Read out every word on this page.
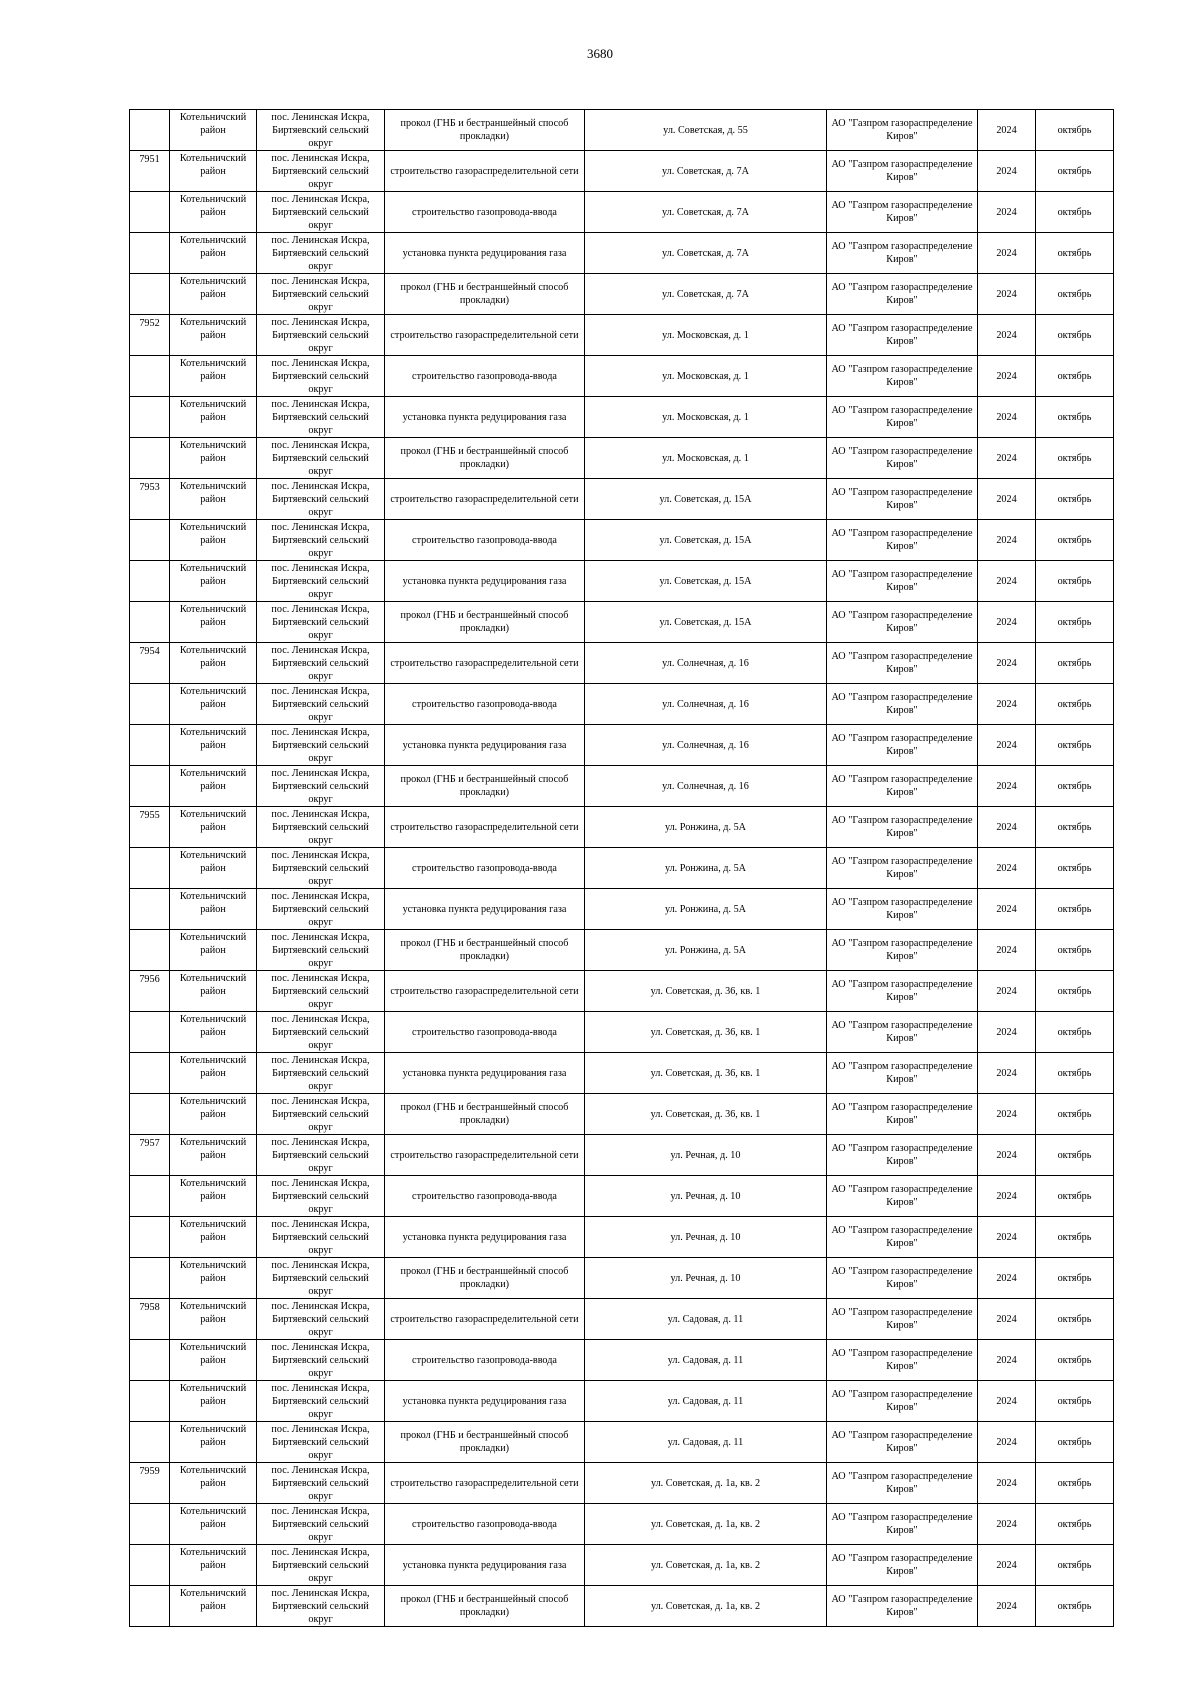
3680

	Котельничский район	пос. Ленинская Искра, Биртяевский сельский округ	прокол (ГНБ и бестраншейный способ прокладки)	ул. Советская, д. 55	АО "Газпром газораспределение Киров"	2024	октябрь

7951	Котельничский район	пос. Ленинская Искра, Биртяевский сельский округ	строительство газораспределительной сети	ул. Советская, д. 7А	АО "Газпром газораспределение Киров"	2024	октябрь

	Котельничский район	пос. Ленинская Искра, Биртяевский сельский округ	строительство газопровода-ввода	ул. Советская, д. 7А	АО "Газпром газораспределение Киров"	2024	октябрь

	Котельничский район	пос. Ленинская Искра, Биртяевский сельский округ	установка пункта редуцирования газа	ул. Советская, д. 7А	АО "Газпром газораспределение Киров"	2024	октябрь

	Котельничский район	пос. Ленинская Искра, Биртяевский сельский округ	прокол (ГНБ и бестраншейный способ прокладки)	ул. Советская, д. 7А	АО "Газпром газораспределение Киров"	2024	октябрь

7952	Котельничский район	пос. Ленинская Искра, Биртяевский сельский округ	строительство газораспределительной сети	ул. Московская, д. 1	АО "Газпром газораспределение Киров"	2024	октябрь

	Котельничский район	пос. Ленинская Искра, Биртяевский сельский округ	строительство газопровода-ввода	ул. Московская, д. 1	АО "Газпром газораспределение Киров"	2024	октябрь

	Котельничский район	пос. Ленинская Искра, Биртяевский сельский округ	установка пункта редуцирования газа	ул. Московская, д. 1	АО "Газпром газораспределение Киров"	2024	октябрь

	Котельничский район	пос. Ленинская Искра, Биртяевский сельский округ	прокол (ГНБ и бестраншейный способ прокладки)	ул. Московская, д. 1	АО "Газпром газораспределение Киров"	2024	октябрь

7953	Котельничский район	пос. Ленинская Искра, Биртяевский сельский округ	строительство газораспределительной сети	ул. Советская, д. 15А	АО "Газпром газораспределение Киров"	2024	октябрь

	Котельничский район	пос. Ленинская Искра, Биртяевский сельский округ	строительство газопровода-ввода	ул. Советская, д. 15А	АО "Газпром газораспределение Киров"	2024	октябрь

	Котельничский район	пос. Ленинская Искра, Биртяевский сельский округ	установка пункта редуцирования газа	ул. Советская, д. 15А	АО "Газпром газораспределение Киров"	2024	октябрь

	Котельничский район	пос. Ленинская Искра, Биртяевский сельский округ	прокол (ГНБ и бестраншейный способ прокладки)	ул. Советская, д. 15А	АО "Газпром газораспределение Киров"	2024	октябрь

7954	Котельничский район	пос. Ленинская Искра, Биртяевский сельский округ	строительство газораспределительной сети	ул. Солнечная, д. 16	АО "Газпром газораспределение Киров"	2024	октябрь

	Котельничский район	пос. Ленинская Искра, Биртяевский сельский округ	строительство газопровода-ввода	ул. Солнечная, д. 16	АО "Газпром газораспределение Киров"	2024	октябрь

	Котельничский район	пос. Ленинская Искра, Биртяевский сельский округ	установка пункта редуцирования газа	ул. Солнечная, д. 16	АО "Газпром газораспределение Киров"	2024	октябрь

	Котельничский район	пос. Ленинская Искра, Биртяевский сельский округ	прокол (ГНБ и бестраншейный способ прокладки)	ул. Солнечная, д. 16	АО "Газпром газораспределение Киров"	2024	октябрь

7955	Котельничский район	пос. Ленинская Искра, Биртяевский сельский округ	строительство газораспределительной сети	ул. Ронжина, д. 5А	АО "Газпром газораспределение Киров"	2024	октябрь

	Котельничский район	пос. Ленинская Искра, Биртяевский сельский округ	строительство газопровода-ввода	ул. Ронжина, д. 5А	АО "Газпром газораспределение Киров"	2024	октябрь

	Котельничский район	пос. Ленинская Искра, Биртяевский сельский округ	установка пункта редуцирования газа	ул. Ронжина, д. 5А	АО "Газпром газораспределение Киров"	2024	октябрь

	Котельничский район	пос. Ленинская Искра, Биртяевский сельский округ	прокол (ГНБ и бестраншейный способ прокладки)	ул. Ронжина, д. 5А	АО "Газпром газораспределение Киров"	2024	октябрь

7956	Котельничский район	пос. Ленинская Искра, Биртяевский сельский округ	строительство газораспределительной сети	ул. Советская, д. 36, кв. 1	АО "Газпром газораспределение Киров"	2024	октябрь

	Котельничский район	пос. Ленинская Искра, Биртяевский сельский округ	строительство газопровода-ввода	ул. Советская, д. 36, кв. 1	АО "Газпром газораспределение Киров"	2024	октябрь

	Котельничский район	пос. Ленинская Искра, Биртяевский сельский округ	установка пункта редуцирования газа	ул. Советская, д. 36, кв. 1	АО "Газпром газораспределение Киров"	2024	октябрь

	Котельничский район	пос. Ленинская Искра, Биртяевский сельский округ	прокол (ГНБ и бестраншейный способ прокладки)	ул. Советская, д. 36, кв. 1	АО "Газпром газораспределение Киров"	2024	октябрь

7957	Котельничский район	пос. Ленинская Искра, Биртяевский сельский округ	строительство газораспределительной сети	ул. Речная, д. 10	АО "Газпром газораспределение Киров"	2024	октябрь

	Котельничский район	пос. Ленинская Искра, Биртяевский сельский округ	строительство газопровода-ввода	ул. Речная, д. 10	АО "Газпром газораспределение Киров"	2024	октябрь

	Котельничский район	пос. Ленинская Искра, Биртяевский сельский округ	установка пункта редуцирования газа	ул. Речная, д. 10	АО "Газпром газораспределение Киров"	2024	октябрь

	Котельничский район	пос. Ленинская Искра, Биртяевский сельский округ	прокол (ГНБ и бестраншейный способ прокладки)	ул. Речная, д. 10	АО "Газпром газораспределение Киров"	2024	октябрь

7958	Котельничский район	пос. Ленинская Искра, Биртяевский сельский округ	строительство газораспределительной сети	ул. Садовая, д. 11	АО "Газпром газораспределение Киров"	2024	октябрь

	Котельничский район	пос. Ленинская Искра, Биртяевский сельский округ	строительство газопровода-ввода	ул. Садовая, д. 11	АО "Газпром газораспределение Киров"	2024	октябрь

	Котельничский район	пос. Ленинская Искра, Биртяевский сельский округ	установка пункта редуцирования газа	ул. Садовая, д. 11	АО "Газпром газораспределение Киров"	2024	октябрь

	Котельничский район	пос. Ленинская Искра, Биртяевский сельский округ	прокол (ГНБ и бестраншейный способ прокладки)	ул. Садовая, д. 11	АО "Газпром газораспределение Киров"	2024	октябрь

7959	Котельничский район	пос. Ленинская Искра, Биртяевский сельский округ	строительство газораспределительной сети	ул. Советская, д. 1а, кв. 2	АО "Газпром газораспределение Киров"	2024	октябрь

	Котельничский район	пос. Ленинская Искра, Биртяевский сельский округ	строительство газопровода-ввода	ул. Советская, д. 1а, кв. 2	АО "Газпром газораспределение Киров"	2024	октябрь

	Котельничский район	пос. Ленинская Искра, Биртяевский сельский округ	установка пункта редуцирования газа	ул. Советская, д. 1а, кв. 2	АО "Газпром газораспределение Киров"	2024	октябрь

	Котельничский район	пос. Ленинская Искра, Биртяевский сельский округ	прокол (ГНБ и бестраншейный способ прокладки)	ул. Советская, д. 1а, кв. 2	АО "Газпром газораспределение Киров"	2024	октябрь
